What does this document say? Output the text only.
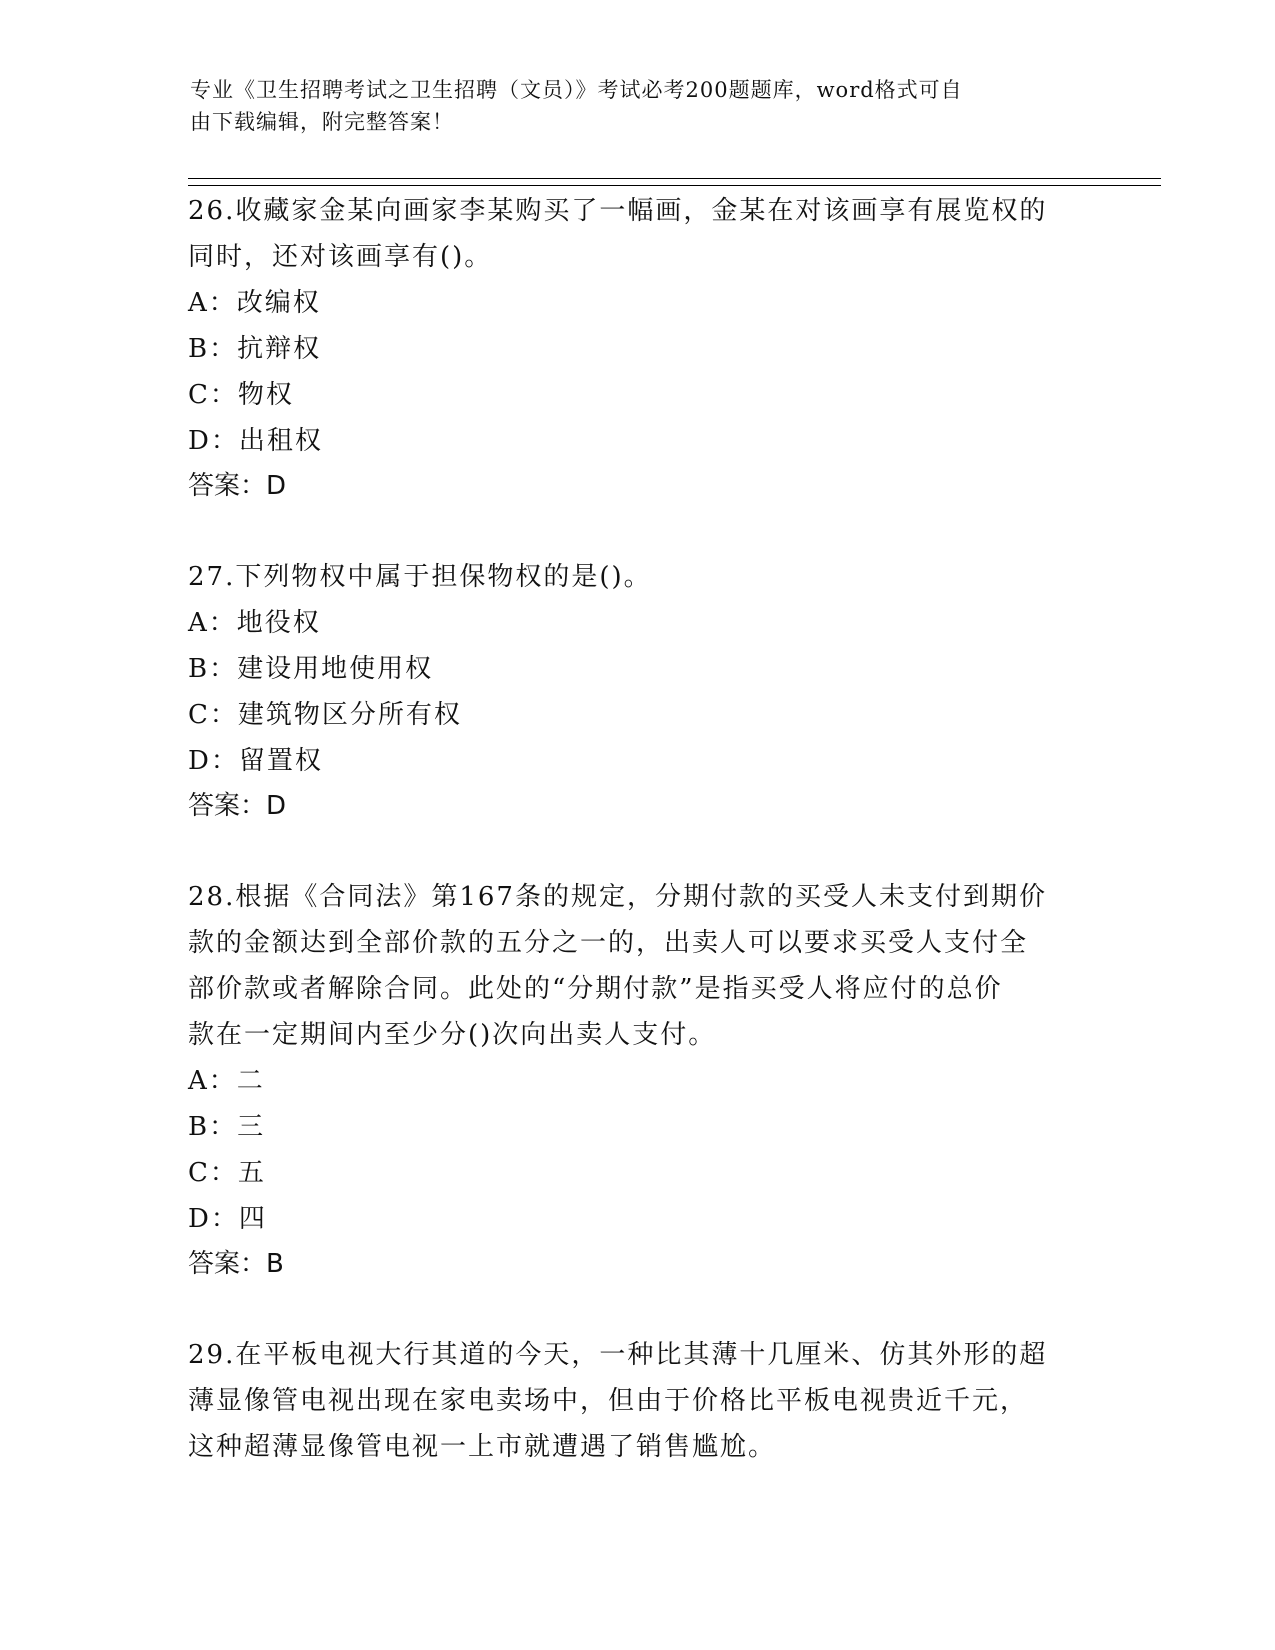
专业《卫生招聘考试之卫生招聘（文员）》考试必考200题题库，word格式可自
由下载编辑，附完整答案！

26.收藏家金某向画家李某购买了一幅画，金某在对该画享有展览权的

同时，还对该画享有()。

A：改编权

B：抗辩权

C：物权

D：出租权

答案：D

27.下列物权中属于担保物权的是()。

A：地役权

B：建设用地使用权

C：建筑物区分所有权

D：留置权

答案：D

28.根据《合同法》第167条的规定，分期付款的买受人未支付到期价

款的金额达到全部价款的五分之一的，出卖人可以要求买受人支付全

部价款或者解除合同。此处的“分期付款”是指买受人将应付的总价

款在一定期间内至少分()次向出卖人支付。

A：二

B：三

C：五

D：四

答案：B

29.在平板电视大行其道的今天，一种比其薄十几厘米、仿其外形的超

薄显像管电视出现在家电卖场中，但由于价格比平板电视贵近千元，

这种超薄显像管电视一上市就遭遇了销售尴尬。
